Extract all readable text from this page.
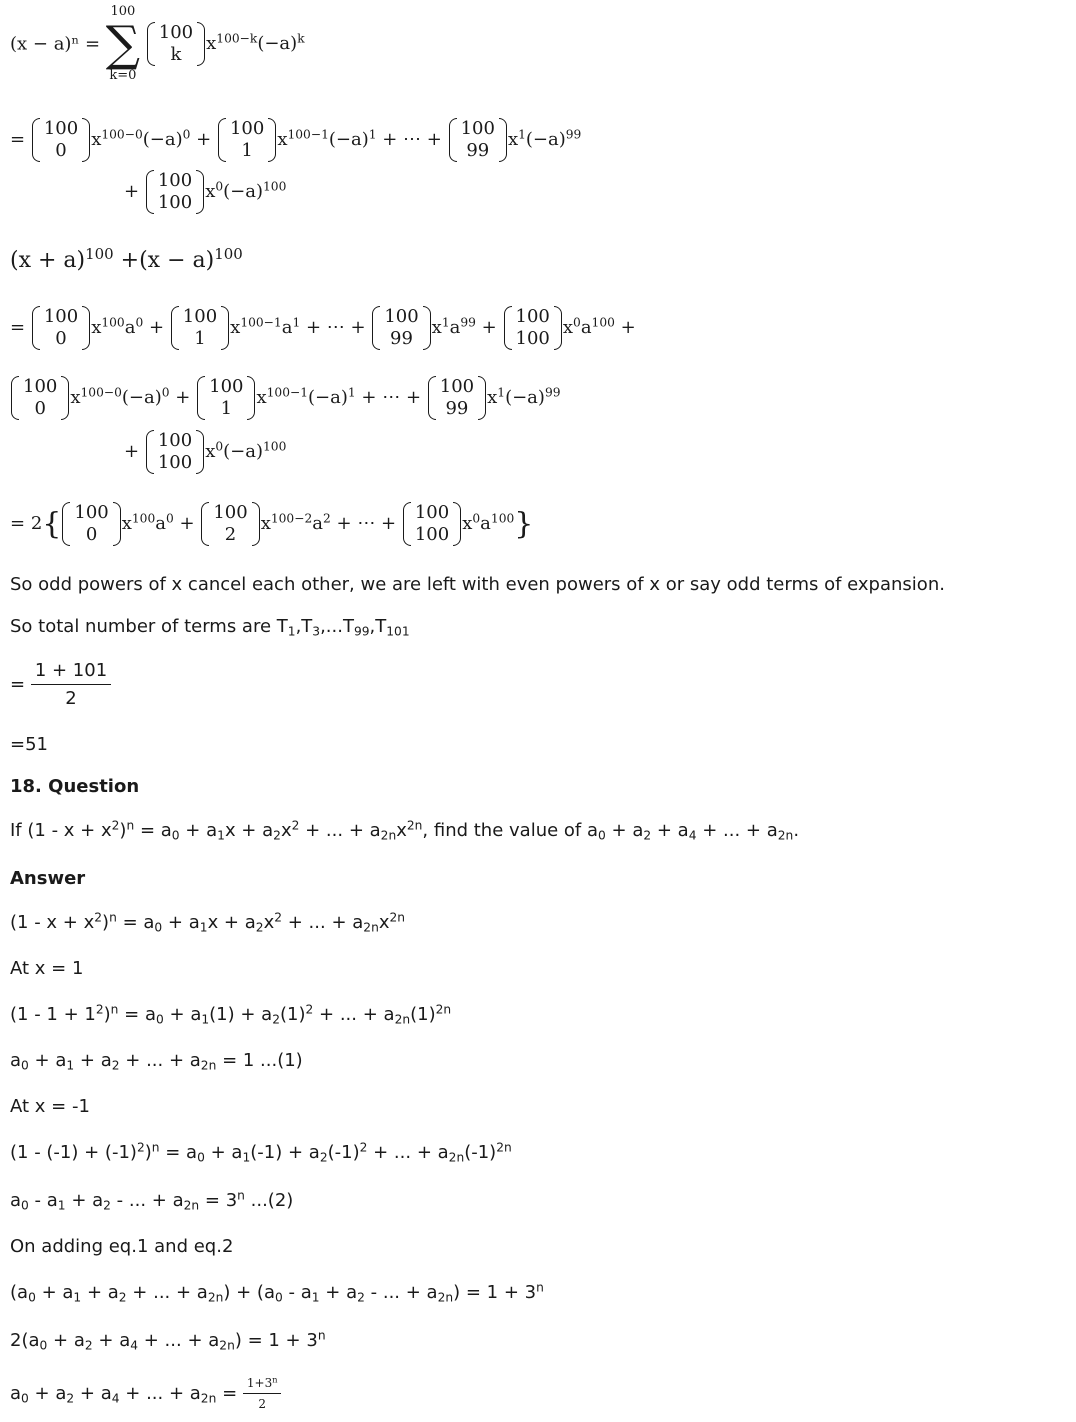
(x − a)ⁿ =
100
∑
k=0

100
k
$x^{100-k}(-a)^k$
=
100
0
$x^{100-0}(-a)^0$ +
100
1
$x^{100-1}(-a)^1$ + ⋯ +
100
99
$x^1(-a)^{99}$
+
100
100
$x^0(-a)^{100}$
$(x + a)^{100} +(x - a)^{100}$
=
100
0
$x^{100}a^0$ +
100
1
$x^{100-1}a^1$ + ⋯ +
100
99
$x^1a^{99}$ +
100
100
$x^0a^{100}$ +
100
0
$x^{100-0}(-a)^0$ +
100
1
$x^{100-1}(-a)^1$ + ⋯ +
100
99
$x^1(-a)^{99}$
+
100
100
$x^0(-a)^{100}$
= 2{ 100
0
$x^{100}a^0$ +
100
2
$x^{100-2}a^2$ + ⋯ +
100
100
$x^0a^{100}$}
So odd powers of x cancel each other, we are left with even powers of x or say odd terms of expansion.
So total number of terms are $T_1,T_3,...T_{99},T_{101}$
= $\frac{1 + 101}{2}$
=51
18. Question
If $(1 - x + x^2)^n = a_0 + a_1x + a_2x^2$ + ... + $a_{2n}x^{2n}$, find the value of $a_0 + a_2 + a_4$ + ... + $a_{2n}$.
Answer
$(1 - x + x^2)^n = a_0 + a_1x + a_2x^2$ + ... + $a_{2n}x^{2n}$
At x = 1
$(1 - 1 + 1^2)^n = a_0 + a_1(1) + a_2(1)^2$ + ... + $a_{2n}(1)^{2n}$
$a_0 + a_1 + a_2$ + ... + $a_{2n} = 1$ ...(1)
At x = -1
$(1 - (-1) + (-1)^2)^n = a_0 + a_1(-1) + a_2(-1)^2$ + ... + $a_{2n}(-1)^{2n}$
$a_0 - a_1 + a_2$ - ... + $a_{2n} = 3^n$ ...(2)
On adding eq.1 and eq.2
($a_0 + a_1 + a_2$ + ... + $a_{2n}) + (a_0 - a_1 + a_2$ - ... + $a_{2n}) = 1 + 3^n$
$2(a_0 + a_2 + a_4$ + ... + $a_{2n}) = 1 + 3^n$
$a_0 + a_2 + a_4$ + ... + $a_{2n} = \frac{1+3^n}{2}$
